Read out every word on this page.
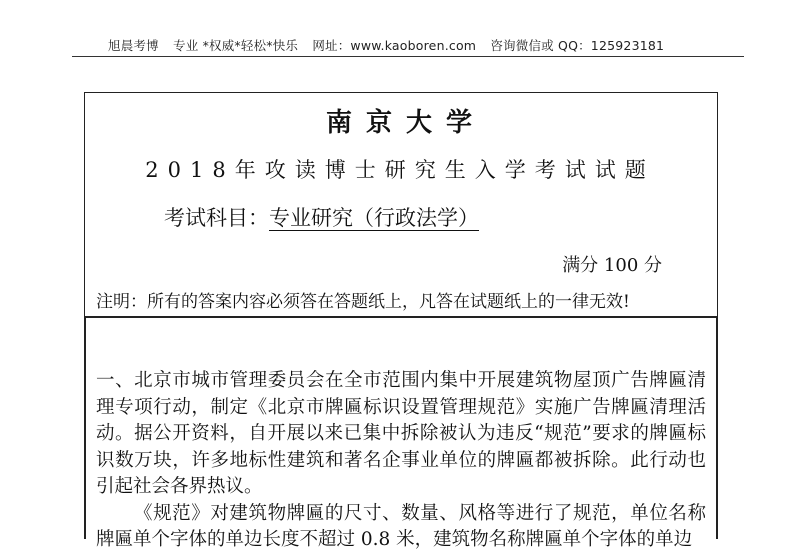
旭晨考博 专业 *权威*轻松*快乐 网址：www.kaoboren.com 咨询微信或 QQ：125923181
南京大学
2018年攻读博士研究生入学考试试题
考试科目：专业研究（行政法学）
满分 100 分
注明：所有的答案内容必须答在答题纸上，凡答在试题纸上的一律无效!

一、北京市城市管理委员会在全市范围内集中开展建筑物屋顶广告牌匾清理专项行动，制定《北京市牌匾标识设置管理规范》实施广告牌匾清理活动。据公开资料，自开展以来已集中拆除被认为违反“规范”要求的牌匾标识数万块，许多地标性建筑和著名企事业单位的牌匾都被拆除。此行动也引起社会各界热议。

《规范》对建筑物牌匾的尺寸、数量、风格等进行了规范，单位名称牌匾单个字体的单边长度不超过 0.8 米，建筑物名称牌匾单个字体的单边
